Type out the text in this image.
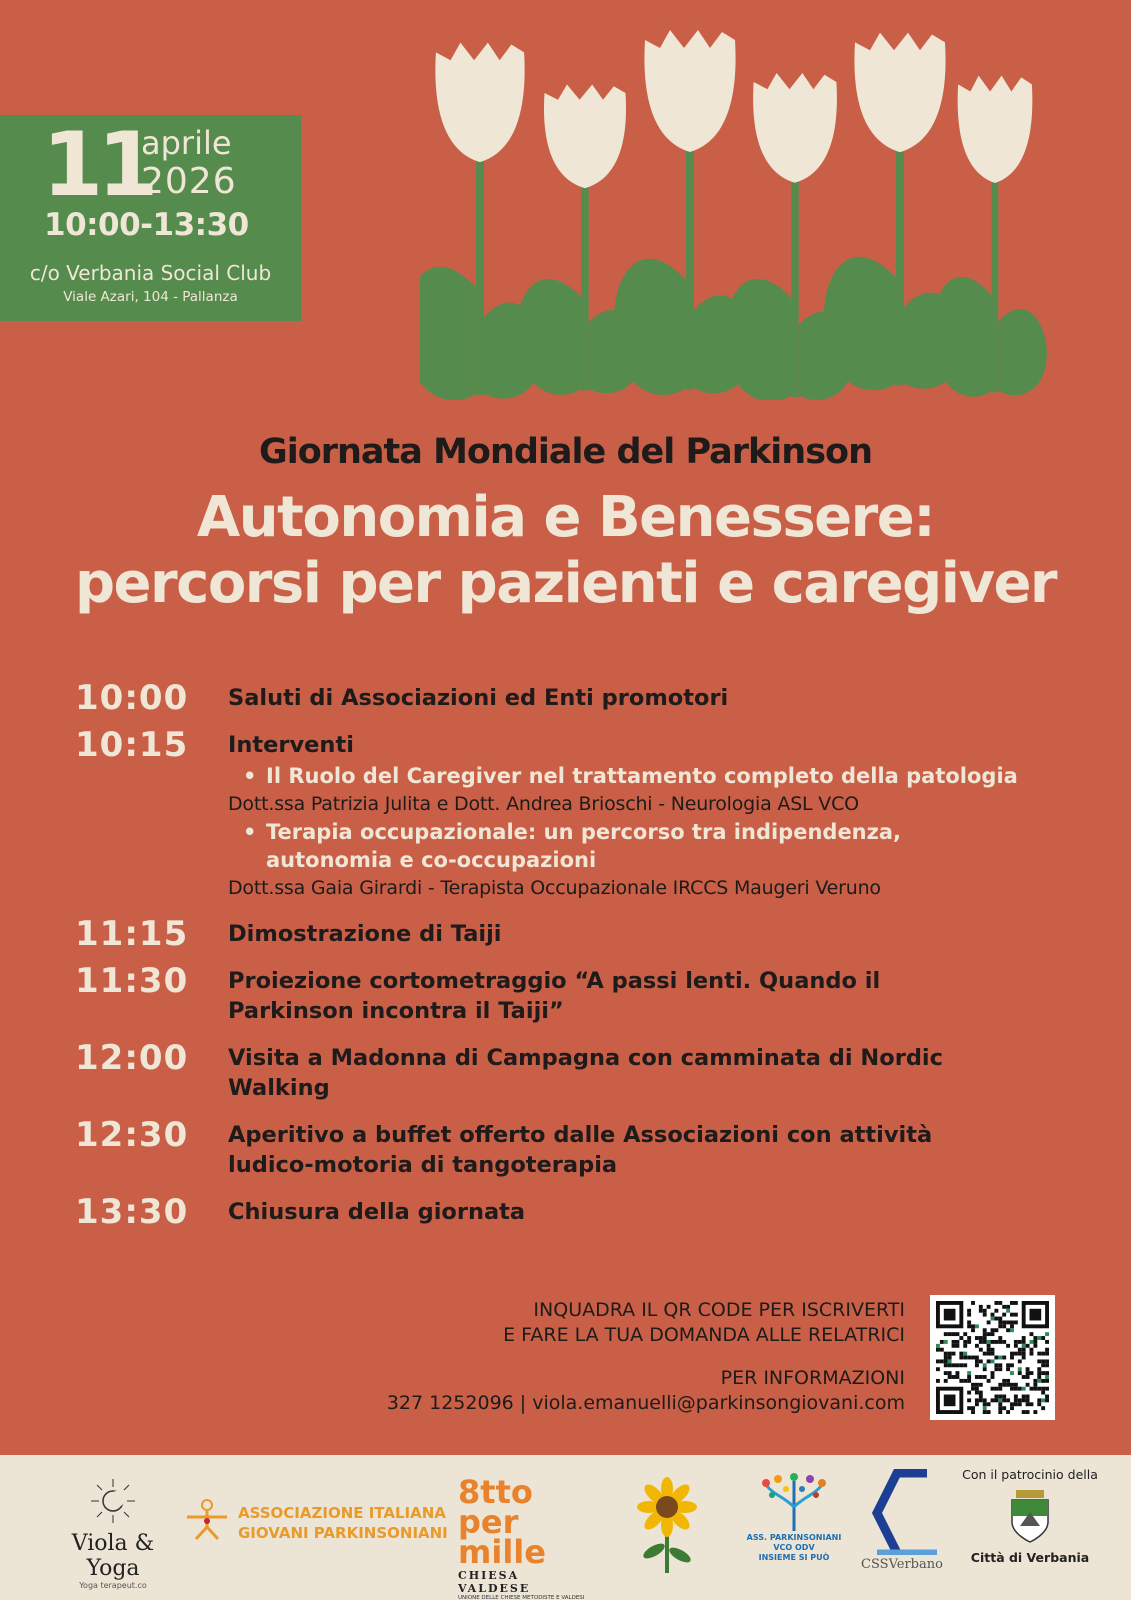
11
aprile
2026
10:00-13:30
c/o Verbania Social Club
Viale Azari, 104 - Pallanza
Giornata Mondiale del Parkinson
Autonomia e Benessere:
percorsi per pazienti e caregiver
10:00 Saluti di Associazioni ed Enti promotori
10:15 Interventi
• Il Ruolo del Caregiver nel trattamento completo della patologia
Dott.ssa Patrizia Julita e Dott. Andrea Brioschi - Neurologia ASL VCO
• Terapia occupazionale: un percorso tra indipendenza,
autonomia e co-occupazioni
Dott.ssa Gaia Girardi - Terapista Occupazionale IRCCS Maugeri Veruno
11:15 Dimostrazione di Taiji
11:30 Proiezione cortometraggio “A passi lenti. Quando il
Parkinson incontra il Taiji”
12:00 Visita a Madonna di Campagna con camminata di Nordic
Walking
12:30 Aperitivo a buffet offerto dalle Associazioni con attività
ludico-motoria di tangoterapia
13:30 Chiusura della giornata
INQUADRA IL QR CODE PER ISCRIVERTI
E FARE LA TUA DOMANDA ALLE RELATRICI
PER INFORMAZIONI
327 1252096 | viola.emanuelli@parkinsongiovani.com
Viola & Yoga
Yoga terapeut.co
ASSOCIAZIONE ITALIANA
GIOVANI PARKINSONIANI
8tto per mille
CHIESA VALDESE
UNIONE DELLE CHIESE METODISTE E VALDESI
ASS. PARKINSONIANI VCO ODV
INSIEME SI PUÒ	CSSVerbano
Con il patrocinio della
Città di Verbania
